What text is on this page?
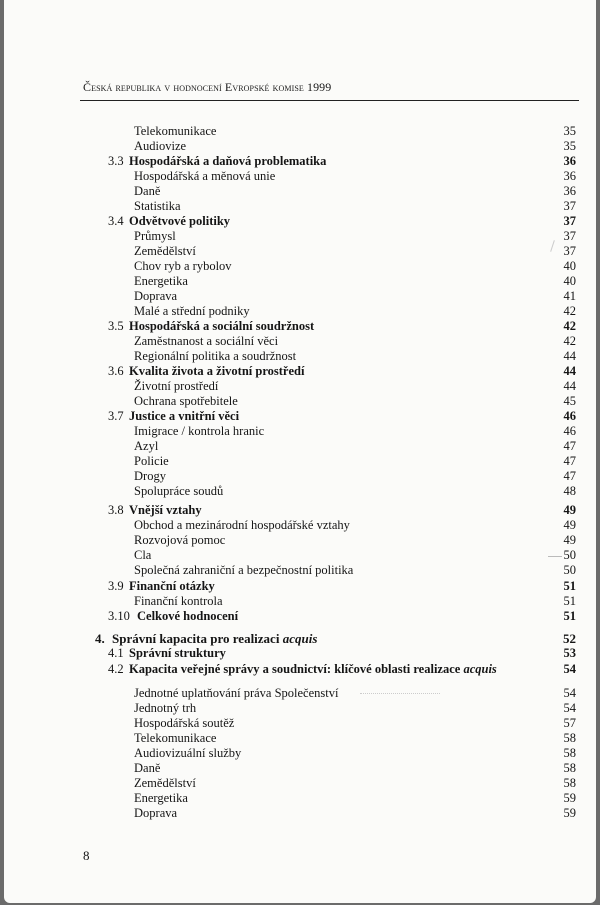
Česká republika v hodnocení Evropské komise 1999
Telekomunikace	35
Audiovize	35
3.3 Hospodářská a daňová problematika	36
Hospodářská a měnová unie	36
Daně	36
Statistika	37
3.4 Odvětvové politiky	37
Průmysl	37
Zemědělství	37
Chov ryb a rybolov	40
Energetika	40
Doprava	41
Malé a střední podniky	42
3.5 Hospodářská a sociální soudržnost	42
Zaměstnanost a sociální věci	42
Regionální politika a soudržnost	44
3.6 Kvalita života a životní prostředí	44
Životní prostředí	44
Ochrana spotřebitele	45
3.7 Justice a vnitřní věci	46
Imigrace / kontrola hranic	46
Azyl	47
Policie	47
Drogy	47
Spolupráce soudů	48
3.8 Vnější vztahy	49
Obchod a mezinárodní hospodářské vztahy	49
Rozvojová pomoc	49
Cla	50
Společná zahraniční a bezpečnostní politika	50
3.9 Finanční otázky	51
Finanční kontrola	51
3.10 Celkové hodnocení	51
4. Správní kapacita pro realizaci acquis	52
4.1 Správní struktury	53
4.2 Kapacita veřejné správy a soudnictví: klíčové oblasti realizace acquis	54
Jednotné uplatňování práva Společenství	54
Jednotný trh	54
Hospodářská soutěž	57
Telekomunikace	58
Audiovizuální služby	58
Daně	58
Zemědělství	58
Energetika	59
Doprava	59
8
